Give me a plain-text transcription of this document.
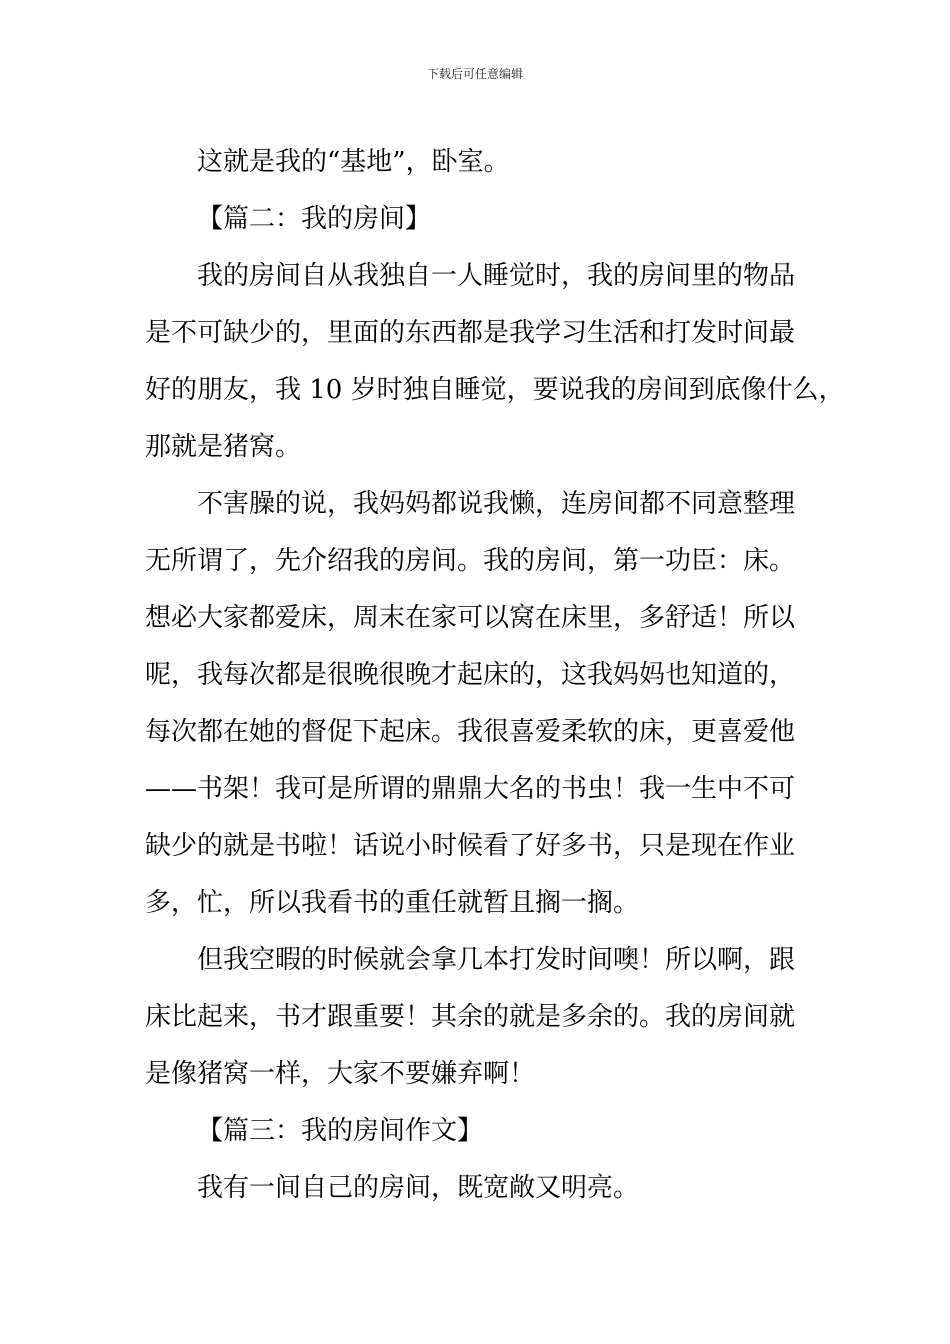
下载后可任意编辑
这就是我的“基地”，卧室。
【篇二：我的房间】
我的房间自从我独自一人睡觉时，我的房间里的物品
是不可缺少的，里面的东西都是我学习生活和打发时间最
好的朋友，我 10 岁时独自睡觉，要说我的房间到底像什么，
那就是猪窝。
不害臊的说，我妈妈都说我懒，连房间都不同意整理
无所谓了，先介绍我的房间。我的房间，第一功臣：床。
想必大家都爱床，周末在家可以窝在床里，多舒适！所以
呢，我每次都是很晚很晚才起床的，这我妈妈也知道的，
每次都在她的督促下起床。我很喜爱柔软的床，更喜爱他
——书架！我可是所谓的鼎鼎大名的书虫！我一生中不可
缺少的就是书啦！话说小时候看了好多书，只是现在作业
多，忙，所以我看书的重任就暂且搁一搁。
但我空暇的时候就会拿几本打发时间噢！所以啊，跟
床比起来，书才跟重要！其余的就是多余的。我的房间就
是像猪窝一样，大家不要嫌弃啊！
【篇三：我的房间作文】
我有一间自己的房间，既宽敞又明亮。
